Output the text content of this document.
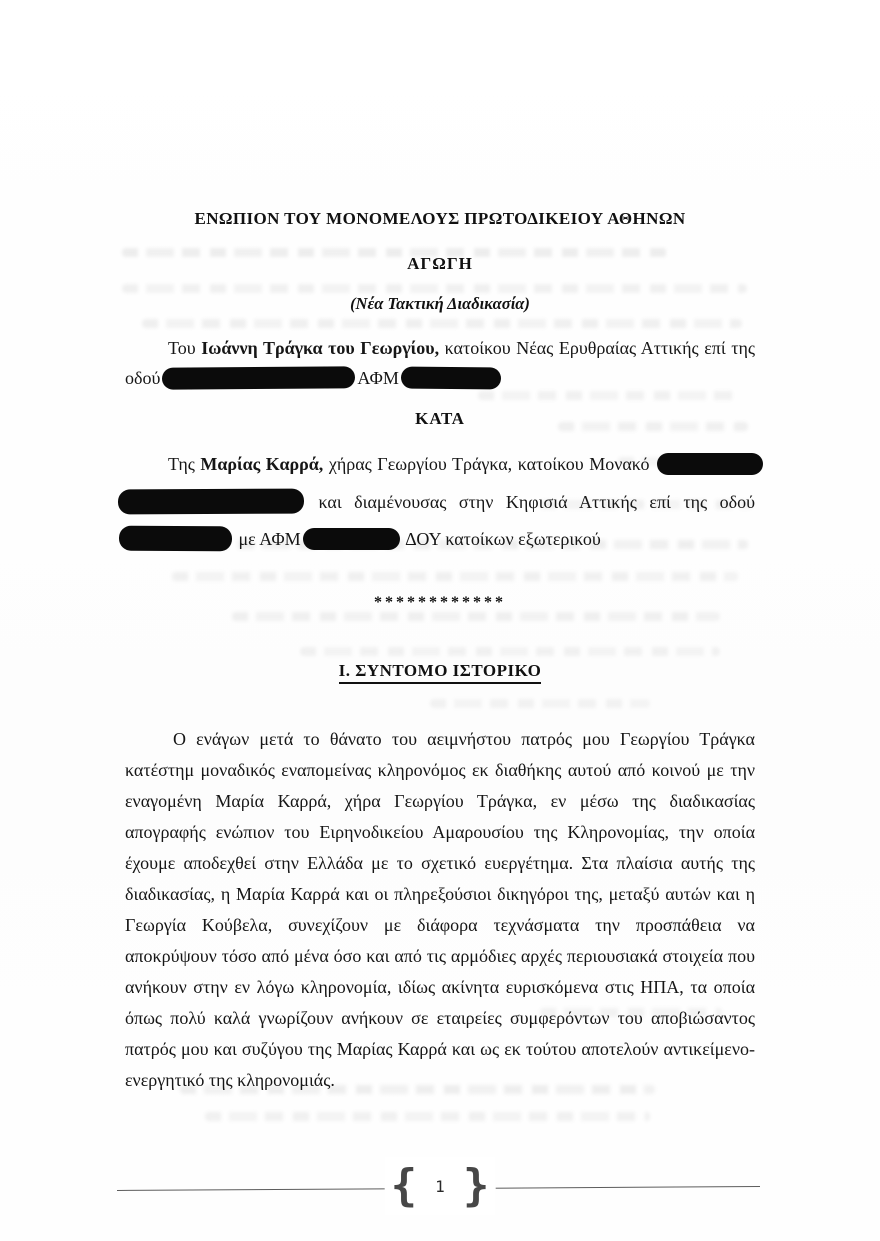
ΕΝΩΠΙΟΝ ΤΟΥ ΜΟΝΟΜΕΛΟΥΣ ΠΡΩΤΟΔΙΚΕΙΟΥ ΑΘΗΝΩΝ
ΑΓΩΓΗ
(Νέα Τακτική Διαδικασία)
Του Ιωάννη Τράγκα του Γεωργίου, κατοίκου Νέας Ερυθραίας Αττικής επί της
οδού	ΑΦΜ
ΚΑΤΑ
Της Μαρίας Καρρά, χήρας Γεωργίου Τράγκα, κατοίκου Μονακό
και διαμένουσας στην Κηφισιά Αττικής επί της οδού
με ΑΦΜ	ΔΟΥ κατοίκων εξωτερικού
************
Ι. ΣΥΝΤΟΜΟ ΙΣΤΟΡΙΚΟ

Ο ενάγων μετά το θάνατο του αειμνήστου πατρός μου Γεωργίου Τράγκα κατέστημ μοναδικός εναπομείνας κληρονόμος εκ διαθήκης αυτού από κοινού με την εναγομένη Μαρία Καρρά, χήρα Γεωργίου Τράγκα, εν μέσω της διαδικασίας απογραφής ενώπιον του Ειρηνοδικείου Αμαρουσίου της Κληρονομίας, την οποία έχουμε αποδεχθεί στην Ελλάδα με το σχετικό ευεργέτημα. Στα πλαίσια αυτής της διαδικασίας, η Μαρία Καρρά και οι πληρεξούσιοι δικηγόροι της, μεταξύ αυτών και η Γεωργία Κούβελα, συνεχίζουν με διάφορα τεχνάσματα την προσπάθεια να αποκρύψουν τόσο από μένα όσο και από τις αρμόδιες αρχές περιουσιακά στοιχεία που ανήκουν στην εν λόγω κληρονομία, ιδίως ακίνητα ευρισκόμενα στις ΗΠΑ, τα οποία όπως πολύ καλά γνωρίζουν ανήκουν σε εταιρείες συμφερόντων του αποβιώσαντος πατρός μου και συζύγου της Μαρίας Καρρά και ως εκ τούτου αποτελούν αντικείμενο-ενεργητικό της κληρονομιάς.

{ 1 }
